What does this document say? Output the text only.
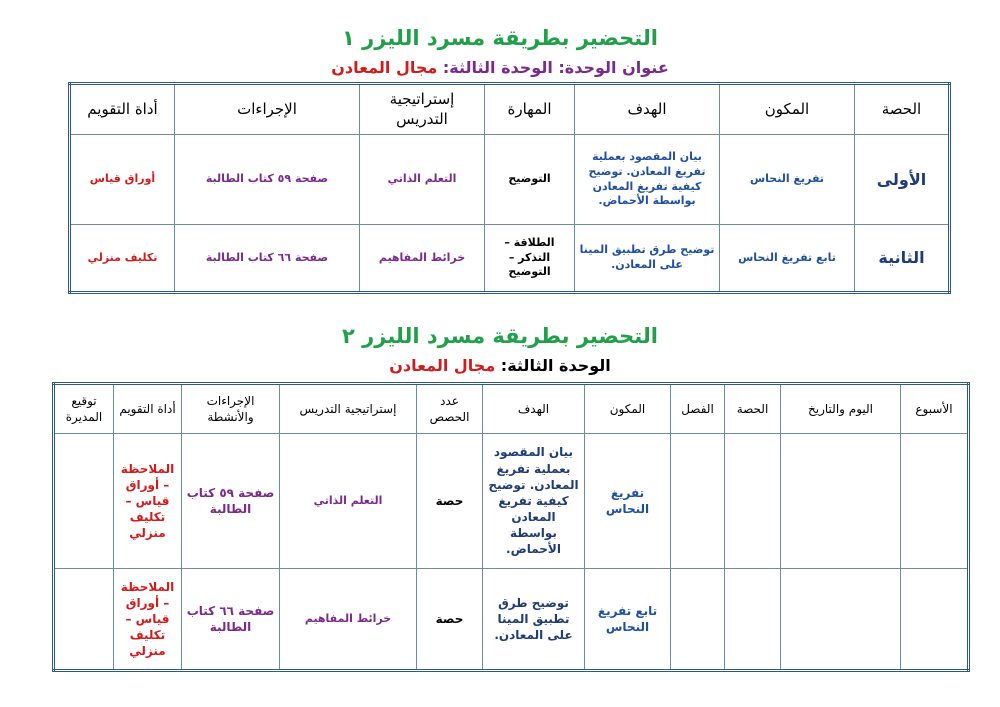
التحضير بطريقة مسرد الليزر ١
عنوان الوحدة: الوحدة الثالثة: مجال المعادن
الحصة	المكون	الهدف	المهارة	إستراتيجية التدريس	الإجراءات	أداة التقويم
الأولى	تفريغ النحاس	بيان المقصود بعملية تفريغ المعادن. توضيح كيفية تفريغ المعادن بواسطة الأحماض.	التوضيح	التعلم الذاتي	صفحة ٥٩ كتاب الطالبة	أوراق قياس
الثانية	تابع تفريغ النحاس	توضيح طرق تطبيق المينا على المعادن.	الطلاقة – التذكر – التوضيح	خرائط المفاهيم	صفحة ٦٦ كتاب الطالبة	تكليف منزلي
التحضير بطريقة مسرد الليزر ٢
الوحدة الثالثة: مجال المعادن
الأسبوع	اليوم والتاريخ	الحصة	الفصل	المكون	الهدف	عدد الحصص	إستراتيجية التدريس	الإجراءات والأنشطة	أداة التقويم	توقيع المديرة
				تفريغ النحاس	بيان المقصود بعملية تفريغ المعادن. توضيح كيفية تفريغ المعادن بواسطة الأحماض.	حصة	التعلم الذاتي	صفحة ٥٩ كتاب الطالبة	الملاحظة – أوراق قياس – تكليف منزلي	
				تابع تفريغ النحاس	توضيح طرق تطبيق المينا على المعادن.	حصة	خرائط المفاهيم	صفحة ٦٦ كتاب الطالبة	الملاحظة – أوراق قياس – تكليف منزلي	
